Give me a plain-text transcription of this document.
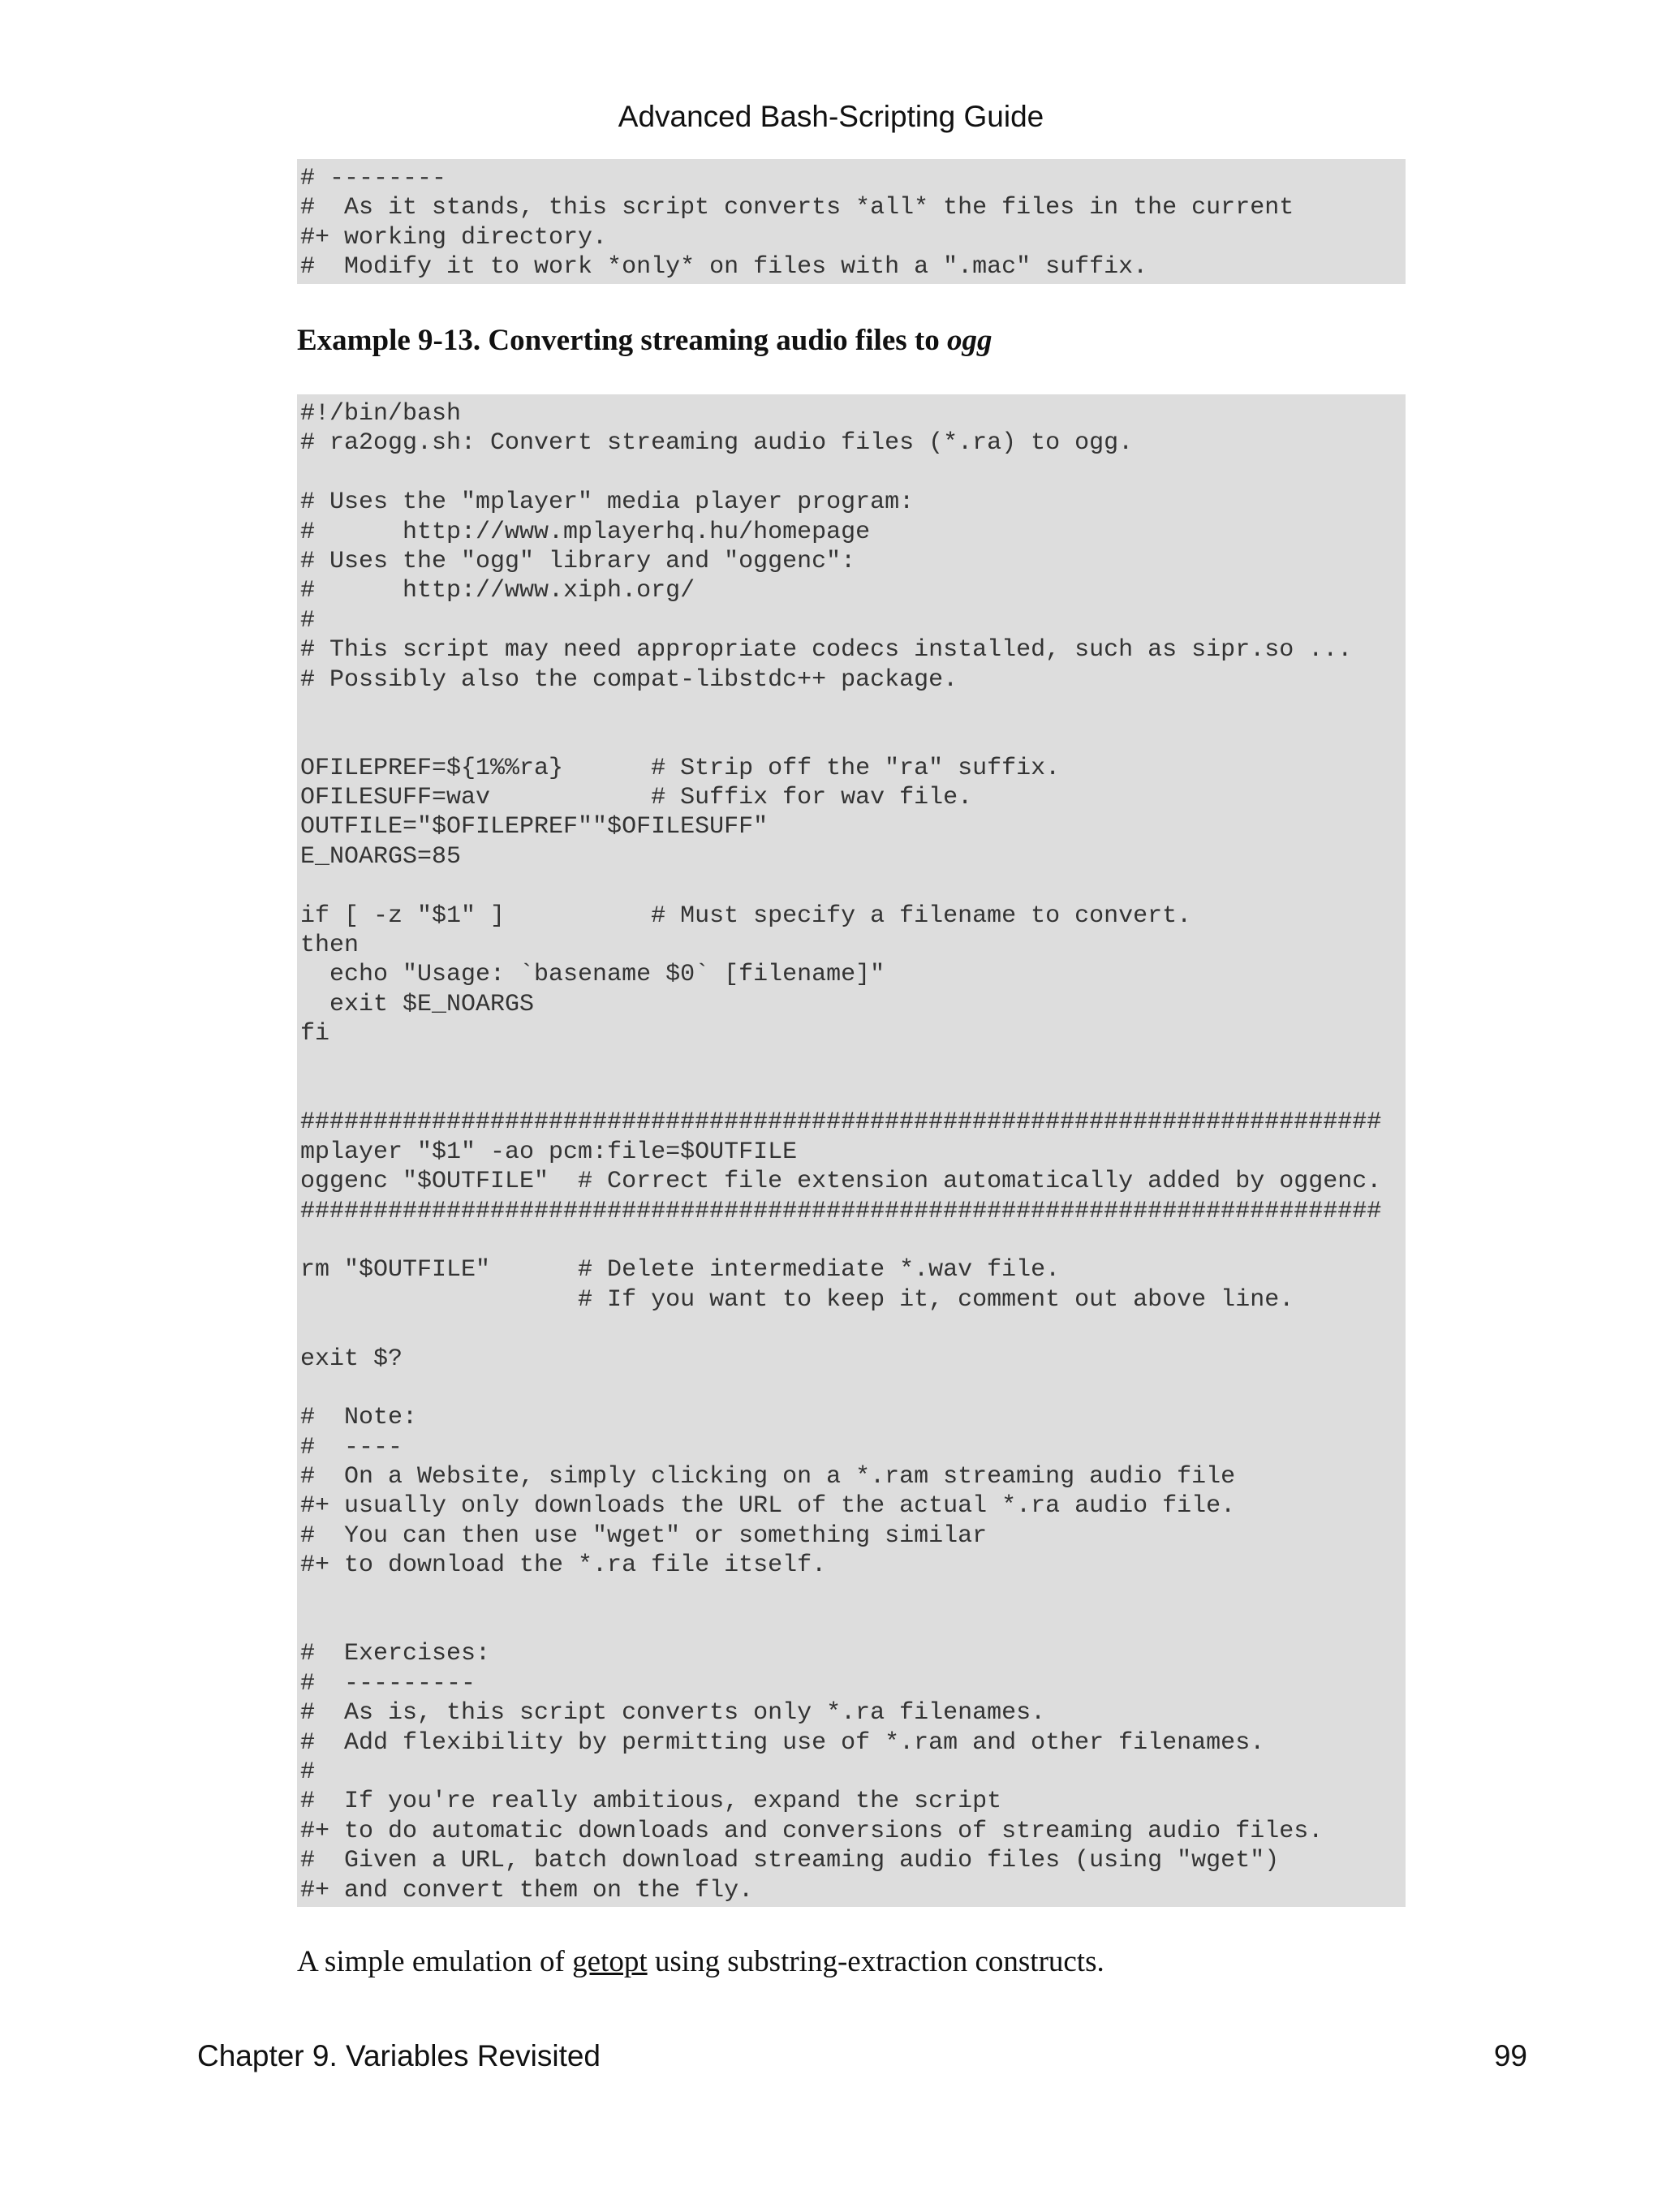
Advanced Bash-Scripting Guide
# --------
#  As it stands, this script converts *all* the files in the current
#+ working directory.
#  Modify it to work *only* on files with a ".mac" suffix.
Example 9-13. Converting streaming audio files to ogg
#!/bin/bash
# ra2ogg.sh: Convert streaming audio files (*.ra) to ogg.
# Uses the "mplayer" media player program:
#      http://www.mplayerhq.hu/homepage
# Uses the "ogg" library and "oggenc":
#      http://www.xiph.org/
#
# This script may need appropriate codecs installed, such as sipr.so ...
# Possibly also the compat-libstdc++ package.
OFILEPREF=${1%%ra}      # Strip off the "ra" suffix.
OFILESUFF=wav           # Suffix for wav file.
OUTFILE="$OFILEPREF""$OFILESUFF"
E_NOARGS=85
if [ -z "$1" ]          # Must specify a filename to convert.
then
echo "Usage: `basename $0` [filename]"
exit $E_NOARGS
fi
##########################################################################
mplayer "$1" -ao pcm:file=$OUTFILE
oggenc "$OUTFILE"  # Correct file extension automatically added by oggenc.
##########################################################################
rm "$OUTFILE"      # Delete intermediate *.wav file.
# If you want to keep it, comment out above line.
exit $?
#  Note:
#  ----
#  On a Website, simply clicking on a *.ram streaming audio file
#+ usually only downloads the URL of the actual *.ra audio file.
#  You can then use "wget" or something similar
#+ to download the *.ra file itself.
#  Exercises:
#  ---------
#  As is, this script converts only *.ra filenames.
#  Add flexibility by permitting use of *.ram and other filenames.
#
#  If you're really ambitious, expand the script
#+ to do automatic downloads and conversions of streaming audio files.
#  Given a URL, batch download streaming audio files (using "wget")
#+ and convert them on the fly.
A simple emulation of getopt using substring-extraction constructs.
Chapter 9. Variables Revisited	99
